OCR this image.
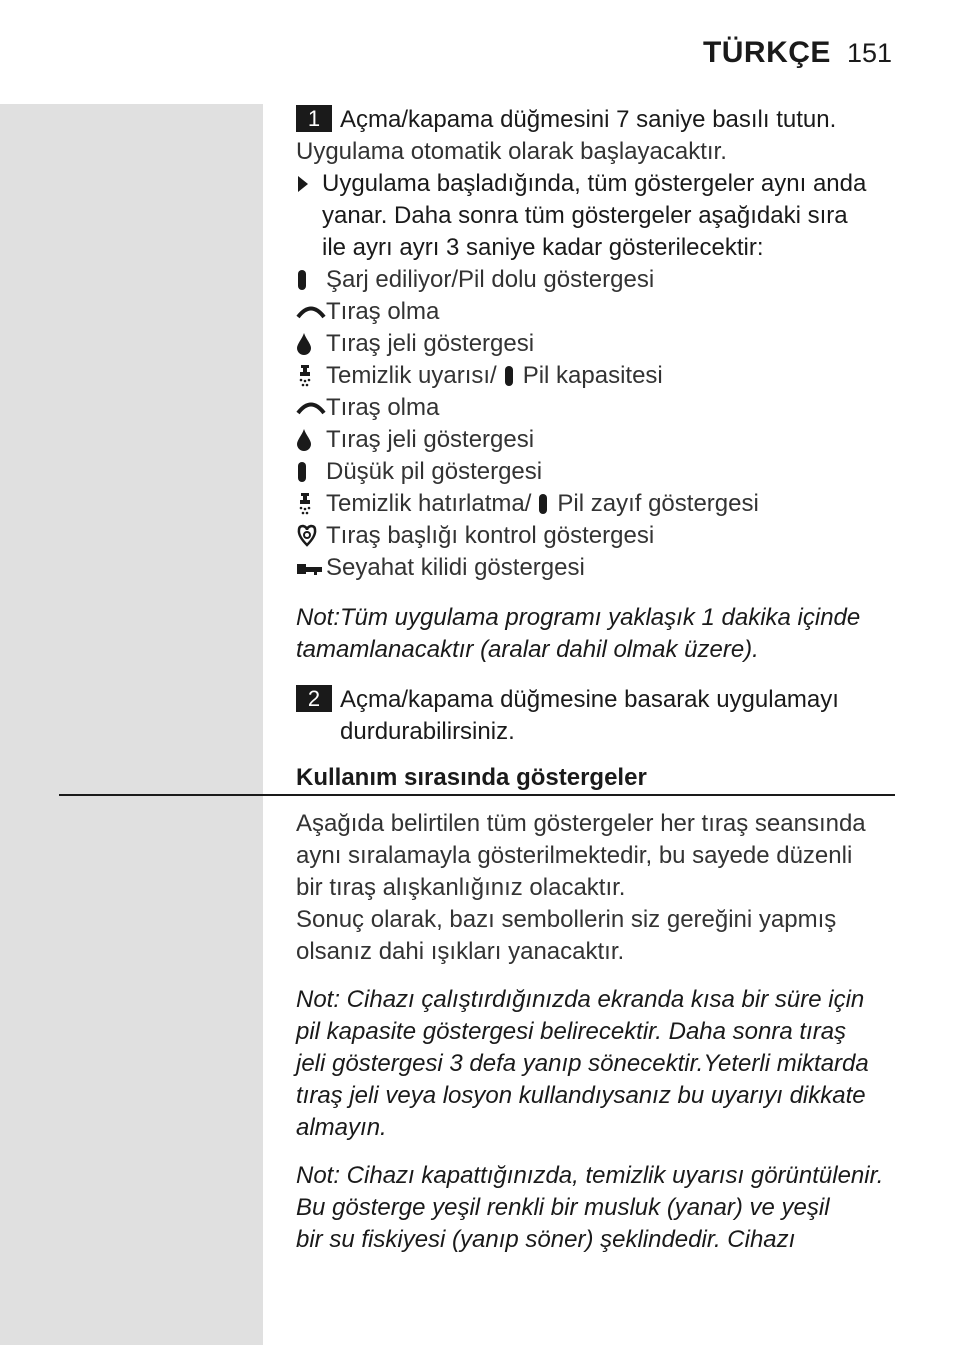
TÜRKÇE 151
1 Açma/kapama düğmesini 7 saniye basılı tutun.
Uygulama otomatik olarak başlayacaktır.
Uygulama başladığında, tüm göstergeler aynı anda
yanar. Daha sonra tüm göstergeler aşağıdaki sıra
ile ayrı ayrı 3 saniye kadar gösterilecektir:
Şarj ediliyor/Pil dolu göstergesi
Tıraş olma
Tıraş jeli göstergesi
Temizlik uyarısı/ Pil kapasitesi
Tıraş olma
Tıraş jeli göstergesi
Düşük pil göstergesi
Temizlik hatırlatma/ Pil zayıf göstergesi
Tıraş başlığı kontrol göstergesi
Seyahat kilidi göstergesi
Not:Tüm uygulama programı yaklaşık 1 dakika içinde
tamamlanacaktır (aralar dahil olmak üzere).
2 Açma/kapama düğmesine basarak uygulamayı
durdurabilirsiniz.
Kullanım sırasında göstergeler
Aşağıda belirtilen tüm göstergeler her tıraş seansında
aynı sıralamayla gösterilmektedir, bu sayede düzenli
bir tıraş alışkanlığınız olacaktır.
Sonuç olarak, bazı sembollerin siz gereğini yapmış
olsanız dahi ışıkları yanacaktır.
Not: Cihazı çalıştırdığınızda ekranda kısa bir süre için
pil kapasite göstergesi belirecektir. Daha sonra tıraş
jeli göstergesi 3 defa yanıp sönecektir.Yeterli miktarda
tıraş jeli veya losyon kullandıysanız bu uyarıyı dikkate
almayın.
Not: Cihazı kapattığınızda, temizlik uyarısı görüntülenir.
Bu gösterge yeşil renkli bir musluk (yanar) ve yeşil
bir su fiskiyesi (yanıp söner) şeklindedir. Cihazı
